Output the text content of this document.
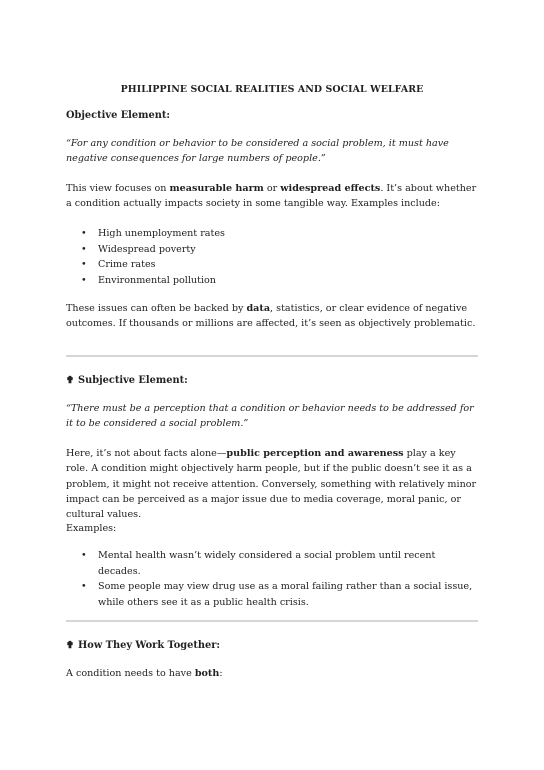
PHILIPPINE SOCIAL REALITIES AND SOCIAL WELFARE
Objective Element:
“For any condition or behavior to be considered a social problem, it must have negative consequences for large numbers of people.”
This view focuses on measurable harm or widespread effects. It’s about whether a condition actually impacts society in some tangible way. Examples include:
• High unemployment rates
• Widespread poverty
• Crime rates
• Environmental pollution
These issues can often be backed by data, statistics, or clear evidence of negative outcomes. If thousands or millions are affected, it’s seen as objectively problematic.
✟ Subjective Element:
“There must be a perception that a condition or behavior needs to be addressed for it to be considered a social problem.”
Here, it’s not about facts alone—public perception and awareness play a key role. A condition might objectively harm people, but if the public doesn’t see it as a problem, it might not receive attention. Conversely, something with relatively minor impact can be perceived as a major issue due to media coverage, moral panic, or cultural values.
Examples:
• Mental health wasn’t widely considered a social problem until recent decades.
• Some people may view drug use as a moral failing rather than a social issue, while others see it as a public health crisis.
✟ How They Work Together:
A condition needs to have both:
